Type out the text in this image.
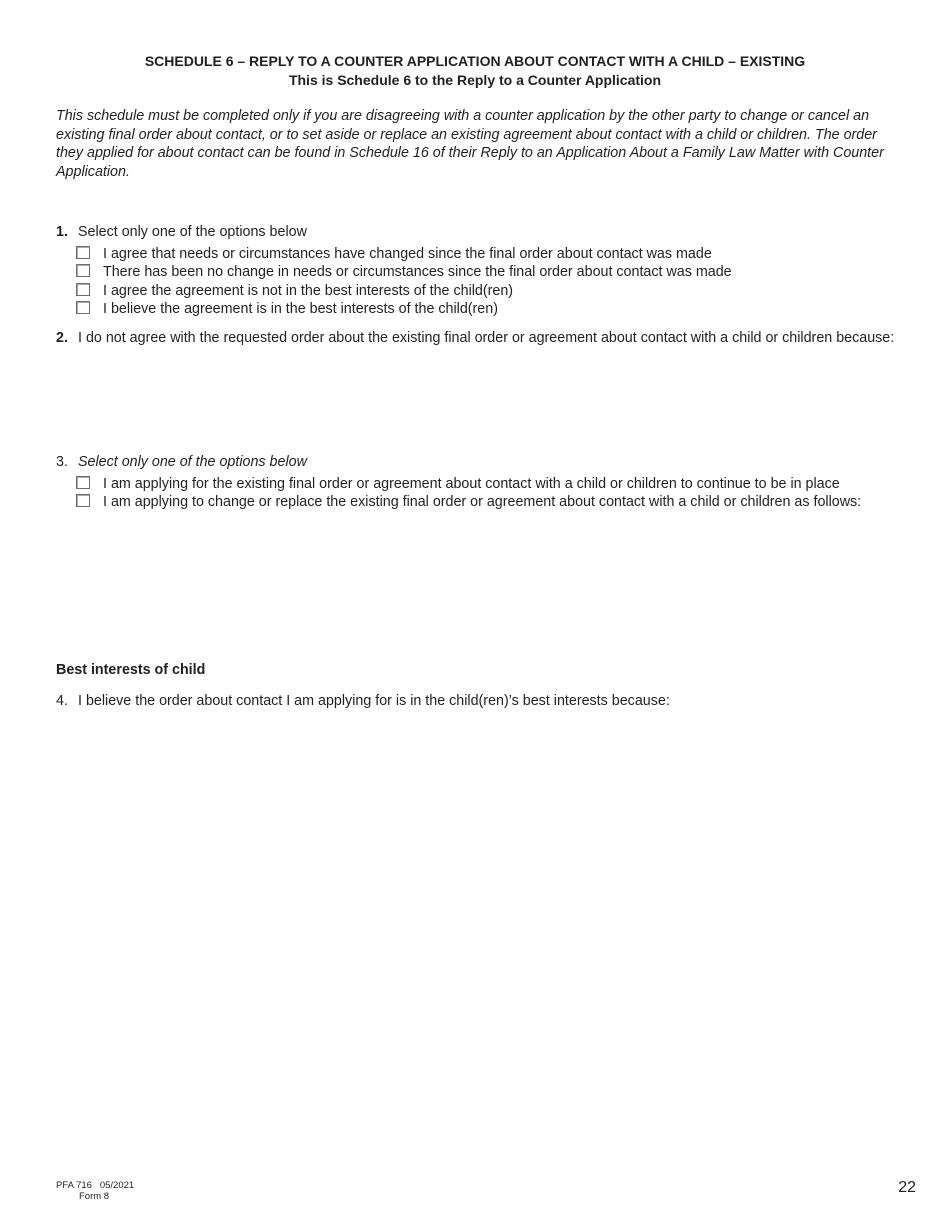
SCHEDULE 6 – REPLY TO A COUNTER APPLICATION ABOUT CONTACT WITH A CHILD – EXISTING
This is Schedule 6 to the Reply to a Counter Application
This schedule must be completed only if you are disagreeing with a counter application by the other party to change or cancel an existing final order about contact, or to set aside or replace an existing agreement about contact with a child or children. The order they applied for about contact can be found in Schedule 16 of their Reply to an Application About a Family Law Matter with Counter Application.
1. Select only one of the options below
I agree that needs or circumstances have changed since the final order about contact was made
There has been no change in needs or circumstances since the final order about contact was made
I agree the agreement is not in the best interests of the child(ren)
I believe the agreement is in the best interests of the child(ren)
2. I do not agree with the requested order about the existing final order or agreement about contact with a child or children because:
3. Select only one of the options below
I am applying for the existing final order or agreement about contact with a child or children to continue to be in place
I am applying to change or replace the existing final order or agreement about contact with a child or children as follows:
Best interests of child
4. I believe the order about contact I am applying for is in the child(ren)’s best interests because:
PFA 716   05/2021
Form 8
22
